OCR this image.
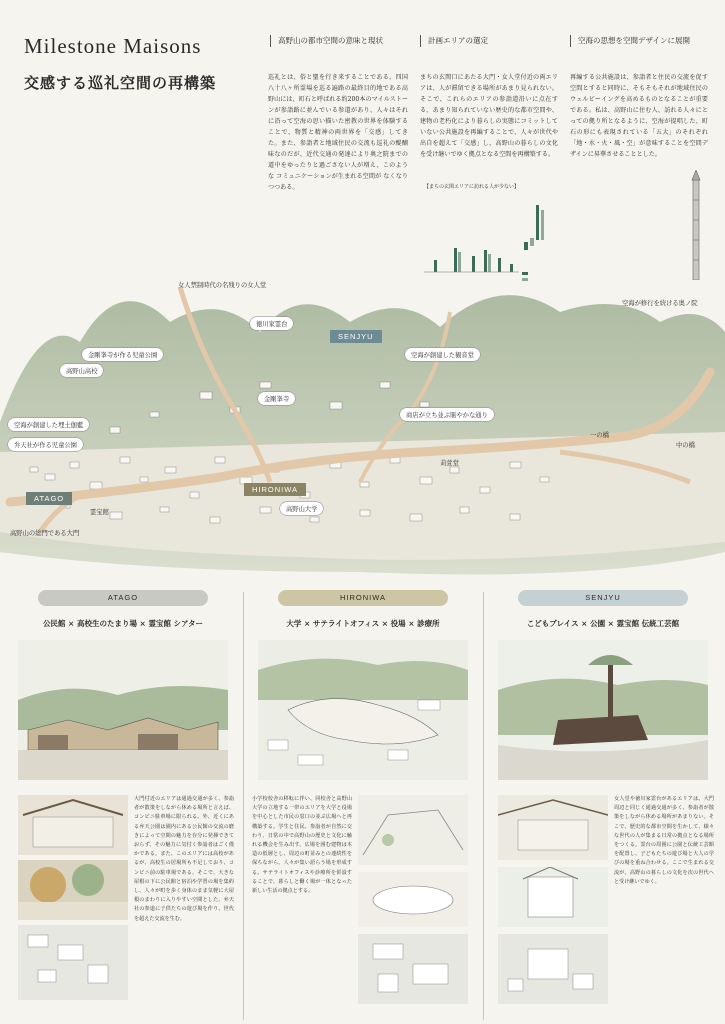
Milestone Maisons
交感する巡礼空間の再構築
高野山の都市空間の意味と現状	計画エリアの選定	空海の思想を空間デザインに展開
巡礼とは、俗と聖を行き来することである。四国八十八ヶ所霊場を巡る遍路の最終目的地である高野山には、町石と呼ばれる約200本のマイルストーンが参詣路に並んでいる参道があり、人々はそれに沿って空海の思い描いた密教の世界を体験することで、物質と精神の両世界を「交感」してきた。また、参詣者と地域住民の交流も巡礼の醍醐味なのだが、近代交通の発達により奥之院までの道中をゆったりと過ごさない人が増え、このような コミュニケーションが生まれる空間が なくなりつつある。
まちの玄関口にあたる大門・女人堂付近の両エリアは、人が滞留できる場所があまり見られない。そこで、これらのエリアの参詣道沿いに点在する、あまり知られていない歴史的な都市空間や、建物の老朽化により暮らしの実態にコミットしていない公共施設を再編することで、人々が世代や出自を超えて「交感」し、高野山の暮らしの文化を受け継いでゆく拠点となる空間を再構築する。
再編する公共施設は、参詣者と住民の交流を促す空間とすると同時に、そもそもそれが地域住民のウェルビーイングを高めるものとなることが重要である。私は、高野山に住む人、訪れる人々にとっての拠り所となるように、空海が提唱した、町石の形にも表現されている「五大」のそれぞれ「地・水・火・風・空」が意味することを空間デザインに昇華させることとした。
【まちの玄関エリアに訪れる人が少ない】
女人禁制時代の名残りの女人堂
空海が修行を続ける奥ノ院
徳川家霊台
SENJYU
金剛峯寺が作る児童公園	空海が創建した観音堂
高野山高校
金剛峯寺
商店が立ち並ぶ賑やかな通り
空海が創建した埋土伽藍
弁天社が作る児童公園
一の橋
中の橋
苅萱堂
HIRONIWA
ATAGO
霊宝館	高野山大学
高野山の総門である大門
ATAGO
公民館 × 高校生のたまり場 × 霊宝館 シアター
大門付近のエリアは通過交通が多く、参詣者が散策をしながら休める場所と言えば、コンビニ駐車場に限られる。外、近くにある弁天公園は園内にある公民館の交流の磨きによって空間の魅力を存分に発揮できておらず、その魅力に気付く参詣者はごく僅かである。また、このエリアには高校があるが、高校生の居場所も不足しており、コンビニ前の駐車場である。そこで、大きな屋根の下に公民館と宿泊や学習の場を集約し、人々が町を歩く身体のまま気軽に大屋根のまわりに入りやすい空間とした。弁天社の参道に子供たちの遊び場を作り、世代を超えた交流を生む。
HIRONIWA
大学 × サテライトオフィス × 役場 × 診療所
小学校校舎の移転に伴い、同校舎と高野山大学の立地する一帯のエリアを大学と役場を中心とした市民の窓口の並ぶ広場へと再構築する。学生と住民、参詣者が自然に交わり、日常の中で高野山の歴史と文化に触れる機会を生み出す。広場を囲む建物は木造の低層とし、周辺の町並みとの連続性を保ちながら、人々が集い語らう場を形成する。サテライトオフィスや診療所を併設することで、暮らしと働く場が一体となった新しい生活の拠点とする。
SENJYU
こどもプレイス × 公園 × 霊宝館 伝統工芸館
女人堂や徳川家霊台があるエリアは、大門周辺と同じく通過交通が多く、参詣者が散策をしながら休める場所があまりない。そこで、歴史的な都市空間を生かして、様々な世代の人が集まる日常の拠点となる場所をつくる。霊台の周囲に公園と伝統工芸館を配置し、子どもたちの遊び場と大人の学びの場を重ね合わせる。ここで生まれる交流が、高野山の暮らしの文化を次の世代へと受け継いでゆく。
